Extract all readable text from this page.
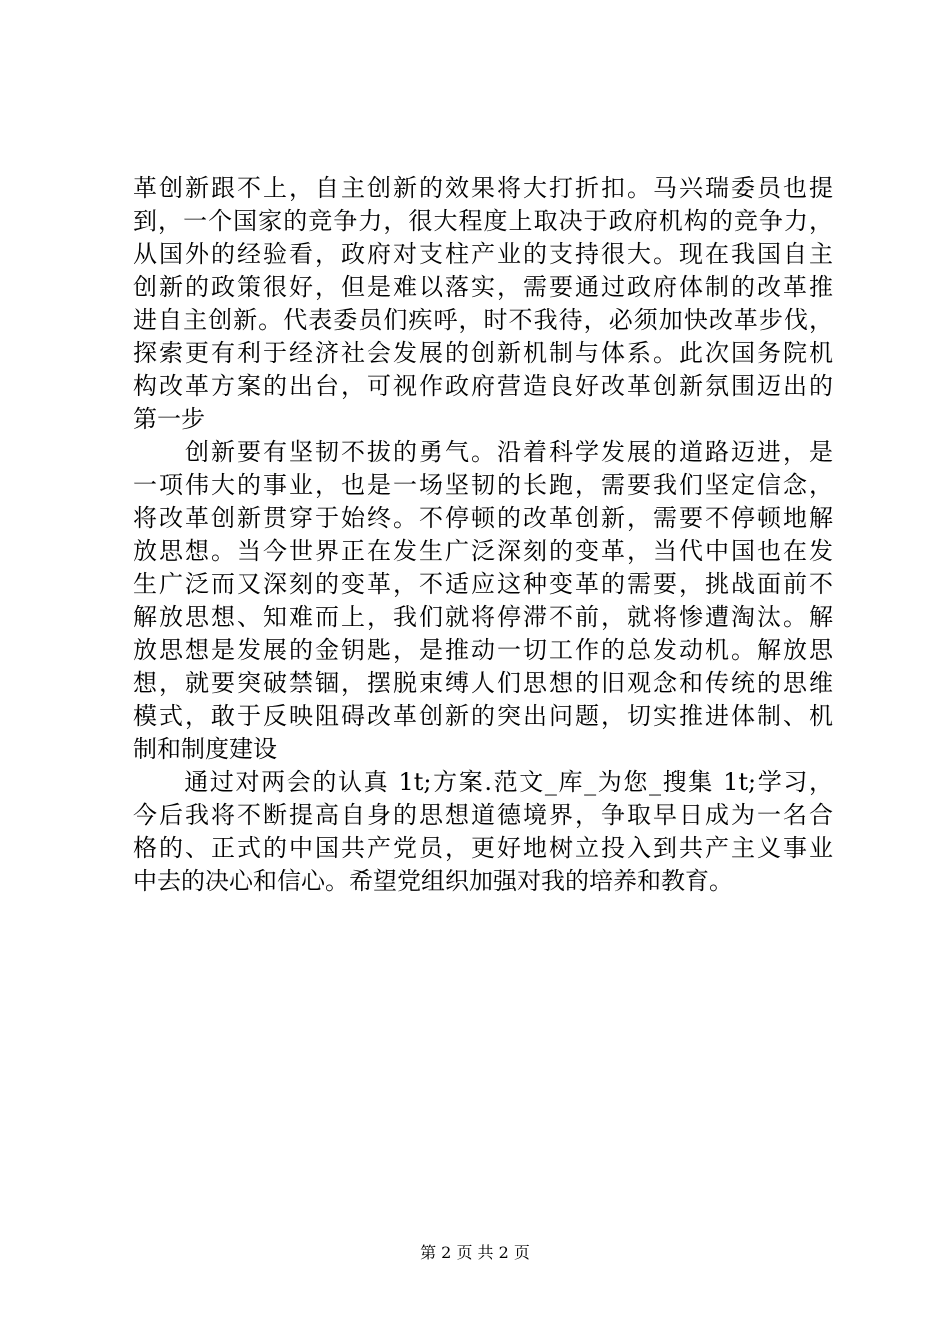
革创新跟不上，自主创新的效果将大打折扣。马兴瑞委员也提
到，一个国家的竞争力，很大程度上取决于政府机构的竞争力，
从国外的经验看，政府对支柱产业的支持很大。现在我国自主
创新的政策很好，但是难以落实，需要通过政府体制的改革推
进自主创新。代表委员们疾呼，时不我待，必须加快改革步伐，
探索更有利于经济社会发展的创新机制与体系。此次国务院机
构改革方案的出台，可视作政府营造良好改革创新氛围迈出的
第一步
　　创新要有坚韧不拔的勇气。沿着科学发展的道路迈进，是
一项伟大的事业，也是一场坚韧的长跑，需要我们坚定信念，
将改革创新贯穿于始终。不停顿的改革创新，需要不停顿地解
放思想。当今世界正在发生广泛深刻的变革，当代中国也在发
生广泛而又深刻的变革，不适应这种变革的需要，挑战面前不
解放思想、知难而上，我们就将停滞不前，就将惨遭淘汰。解
放思想是发展的金钥匙，是推动一切工作的总发动机。解放思
想，就要突破禁锢，摆脱束缚人们思想的旧观念和传统的思维
模式，敢于反映阻碍改革创新的突出问题，切实推进体制、机
制和制度建设
　　通过对两会的认真 1t;方案.范文_库_为您_搜集 1t;学习，
今后我将不断提高自身的思想道德境界，争取早日成为一名合
格的、正式的中国共产党员，更好地树立投入到共产主义事业
中去的决心和信心。希望党组织加强对我的培养和教育。
第 2 页 共 2 页
